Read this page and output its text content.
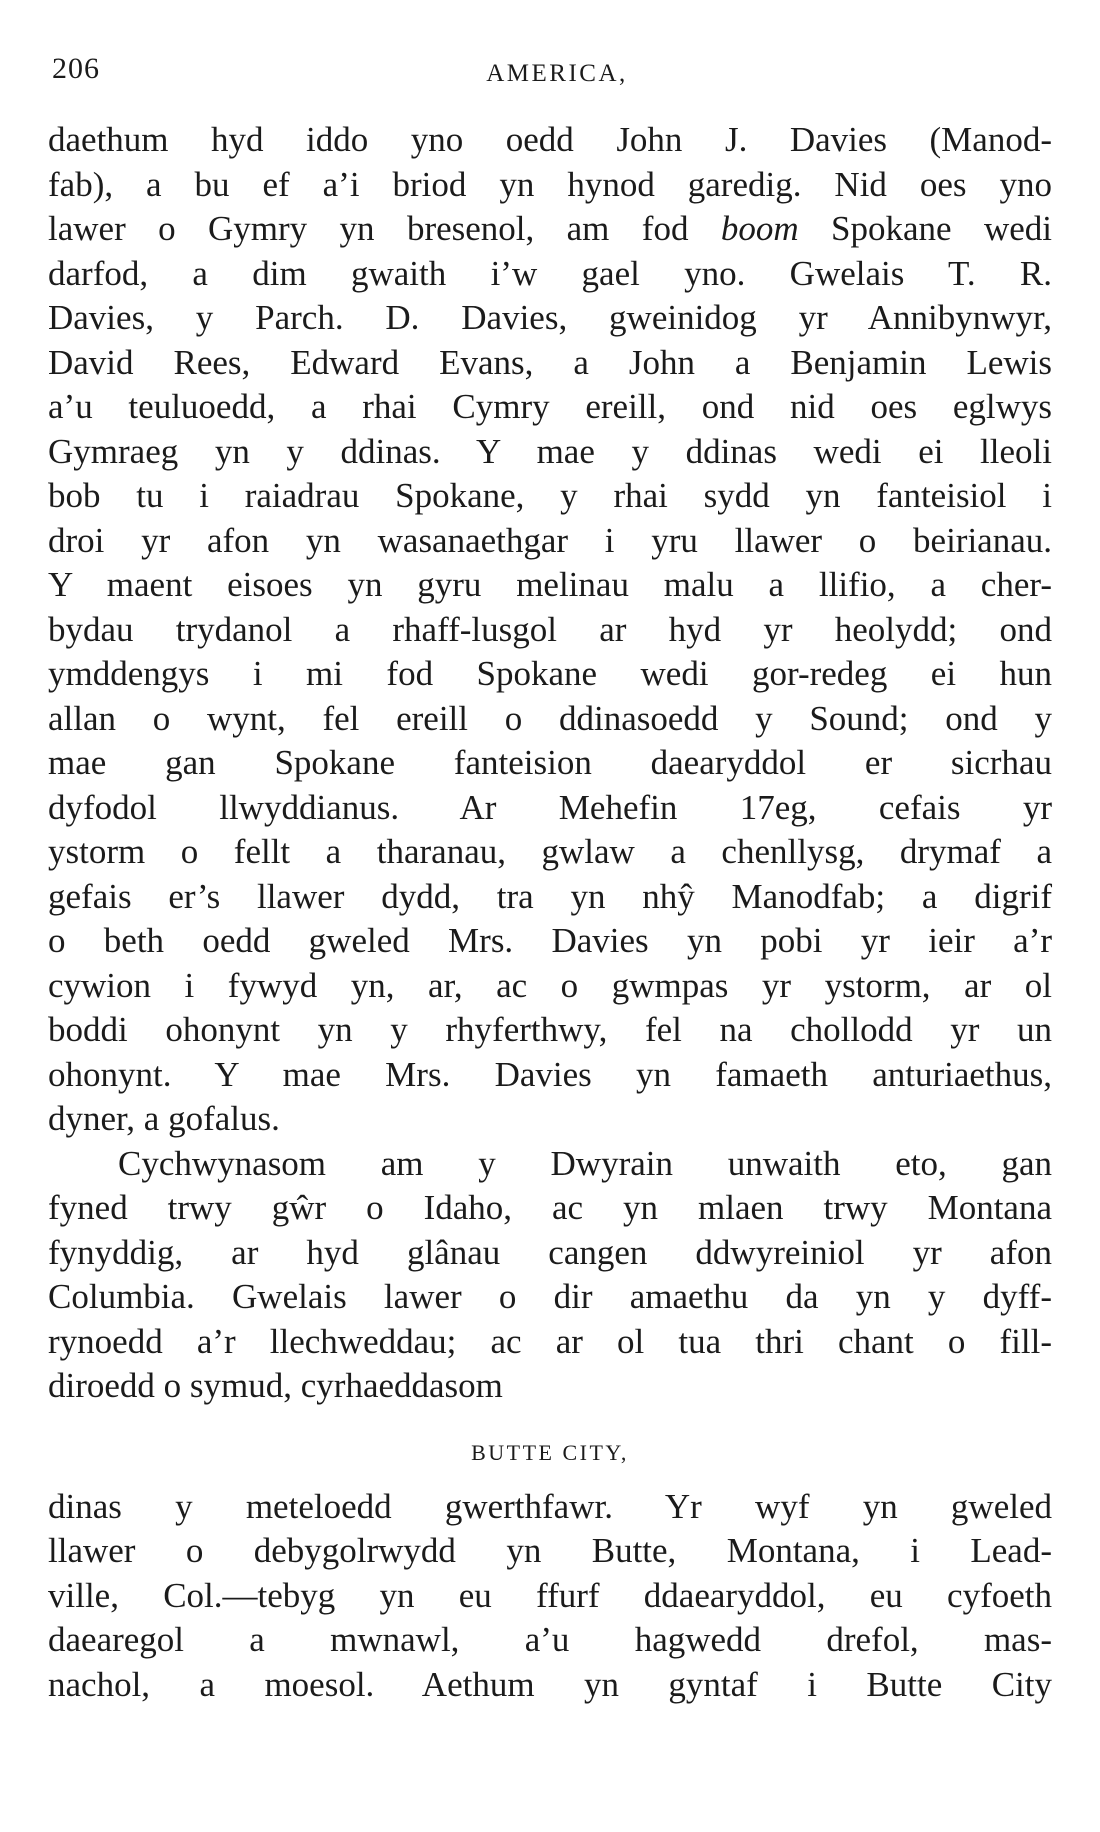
206	AMERICA,
daethum hyd iddo yno oedd John J. Davies (Manod-
fab), a bu ef a’i briod yn hynod garedig. Nid oes yno
lawer o Gymry yn bresenol, am fod boom Spokane wedi
darfod, a dim gwaith i’w gael yno. Gwelais T. R.
Davies, y Parch. D. Davies, gweinidog yr Annibynwyr,
David Rees, Edward Evans, a John a Benjamin Lewis
a’u teuluoedd, a rhai Cymry ereill, ond nid oes eglwys
Gymraeg yn y ddinas. Y mae y ddinas wedi ei lleoli
bob tu i raiadrau Spokane, y rhai sydd yn fanteisiol i
droi yr afon yn wasanaethgar i yru llawer o beirianau.
Y maent eisoes yn gyru melinau malu a llifio, a cher-
bydau trydanol a rhaff-lusgol ar hyd yr heolydd; ond
ymddengys i mi fod Spokane wedi gor-redeg ei hun
allan o wynt, fel ereill o ddinasoedd y Sound; ond y
mae gan Spokane fanteision daearyddol er sicrhau
dyfodol llwyddianus. Ar Mehefin 17eg, cefais yr
ystorm o fellt a tharanau, gwlaw a chenllysg, drymaf a
gefais er’s llawer dydd, tra yn nhŷ Manodfab; a digrif
o beth oedd gweled Mrs. Davies yn pobi yr ieir a’r
cywion i fywyd yn, ar, ac o gwmpas yr ystorm, ar ol
boddi ohonynt yn y rhyferthwy, fel na chollodd yr un
ohonynt. Y mae Mrs. Davies yn famaeth anturiaethus,
dyner, a gofalus.
Cychwynasom am y Dwyrain unwaith eto, gan
fyned trwy gŵr o Idaho, ac yn mlaen trwy Montana
fynyddig, ar hyd glânau cangen ddwyreiniol yr afon
Columbia. Gwelais lawer o dir amaethu da yn y dyff-
rynoedd a’r llechweddau; ac ar ol tua thri chant o fill-
diroedd o symud, cyrhaeddasom
BUTTE CITY,
dinas y meteloedd gwerthfawr. Yr wyf yn gweled
llawer o debygolrwydd yn Butte, Montana, i Lead-
ville, Col.—tebyg yn eu ffurf ddaearyddol, eu cyfoeth
daearegol a mwnawl, a’u hagwedd drefol, mas-
nachol, a moesol. Aethum yn gyntaf i Butte City
